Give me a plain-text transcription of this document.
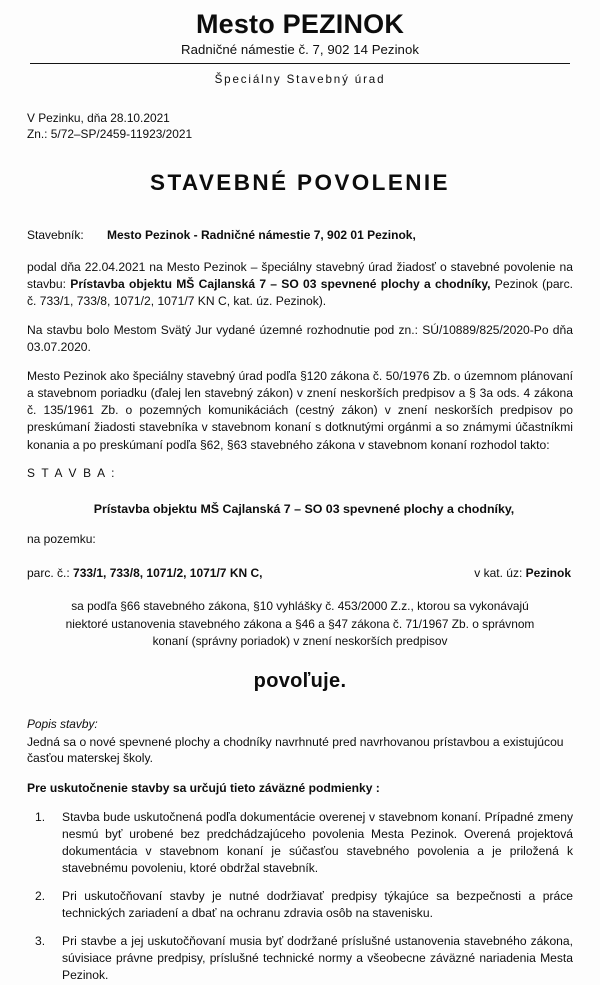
Mesto PEZINOK
Radničné námestie č. 7, 902 14 Pezinok
Špeciálny Stavebný úrad
V Pezinku, dňa 28.10.2021
Zn.: 5/72–SP/2459-11923/2021
STAVEBNÉ POVOLENIE
Stavebník: Mesto Pezinok - Radničné námestie 7, 902 01 Pezinok,

podal dňa 22.04.2021 na Mesto Pezinok – špeciálny stavebný úrad žiadosť o stavebné povolenie na stavbu: Prístavba objektu MŠ Cajlanská 7 – SO 03 spevnené plochy a chodníky, Pezinok (parc. č. 733/1, 733/8, 1071/2, 1071/7 KN C, kat. úz. Pezinok).

Na stavbu bolo Mestom Svätý Jur vydané územné rozhodnutie pod zn.: SÚ/10889/825/2020-Po dňa 03.07.2020.

Mesto Pezinok ako špeciálny stavebný úrad podľa §120 zákona č. 50/1976 Zb. o územnom plánovaní a stavebnom poriadku (ďalej len stavebný zákon) v znení neskorších predpisov a § 3a ods. 4 zákona č. 135/1961 Zb. o pozemných komunikáciách (cestný zákon) v znení neskorších predpisov po preskúmaní žiadosti stavebníka v stavebnom konaní s dotknutými orgánmi a so známymi účastníkmi konania a po preskúmaní podľa §62, §63 stavebného zákona v stavebnom konaní rozhodol takto:

S T A V B A :
Prístavba objektu MŠ Cajlanská 7 – SO 03 spevnené plochy a chodníky,
na pozemku:
parc. č.: 733/1, 733/8, 1071/2, 1071/7 KN C,	v kat. úz: Pezinok
sa podľa §66 stavebného zákona, §10 vyhlášky č. 453/2000 Z.z., ktorou sa vykonávajú niektoré ustanovenia stavebného zákona a §46 a §47 zákona č. 71/1967 Zb. o správnom konaní (správny poriadok) v znení neskorších predpisov
povoľuje.
Popis stavby:
Jedná sa o nové spevnené plochy a chodníky navrhnuté pred navrhovanou prístavbou a existujúcou časťou materskej školy.
Pre uskutočnenie stavby sa určujú tieto záväzné podmienky :
1. Stavba bude uskutočnená podľa dokumentácie overenej v stavebnom konaní. Prípadné zmeny nesmú byť urobené bez predchádzajúceho povolenia Mesta Pezinok. Overená projektová dokumentácia v stavebnom konaní je súčasťou stavebného povolenia a je priložená k stavebnému povoleniu, ktoré obdržal stavebník.
2. Pri uskutočňovaní stavby je nutné dodržiavať predpisy týkajúce sa bezpečnosti a práce technických zariadení a dbať na ochranu zdravia osôb na stavenisku.
3. Pri stavbe a jej uskutočňovaní musia byť dodržané príslušné ustanovenia stavebného zákona, súvisiace právne predpisy, príslušné technické normy a všeobecne záväzné nariadenia Mesta Pezinok.
